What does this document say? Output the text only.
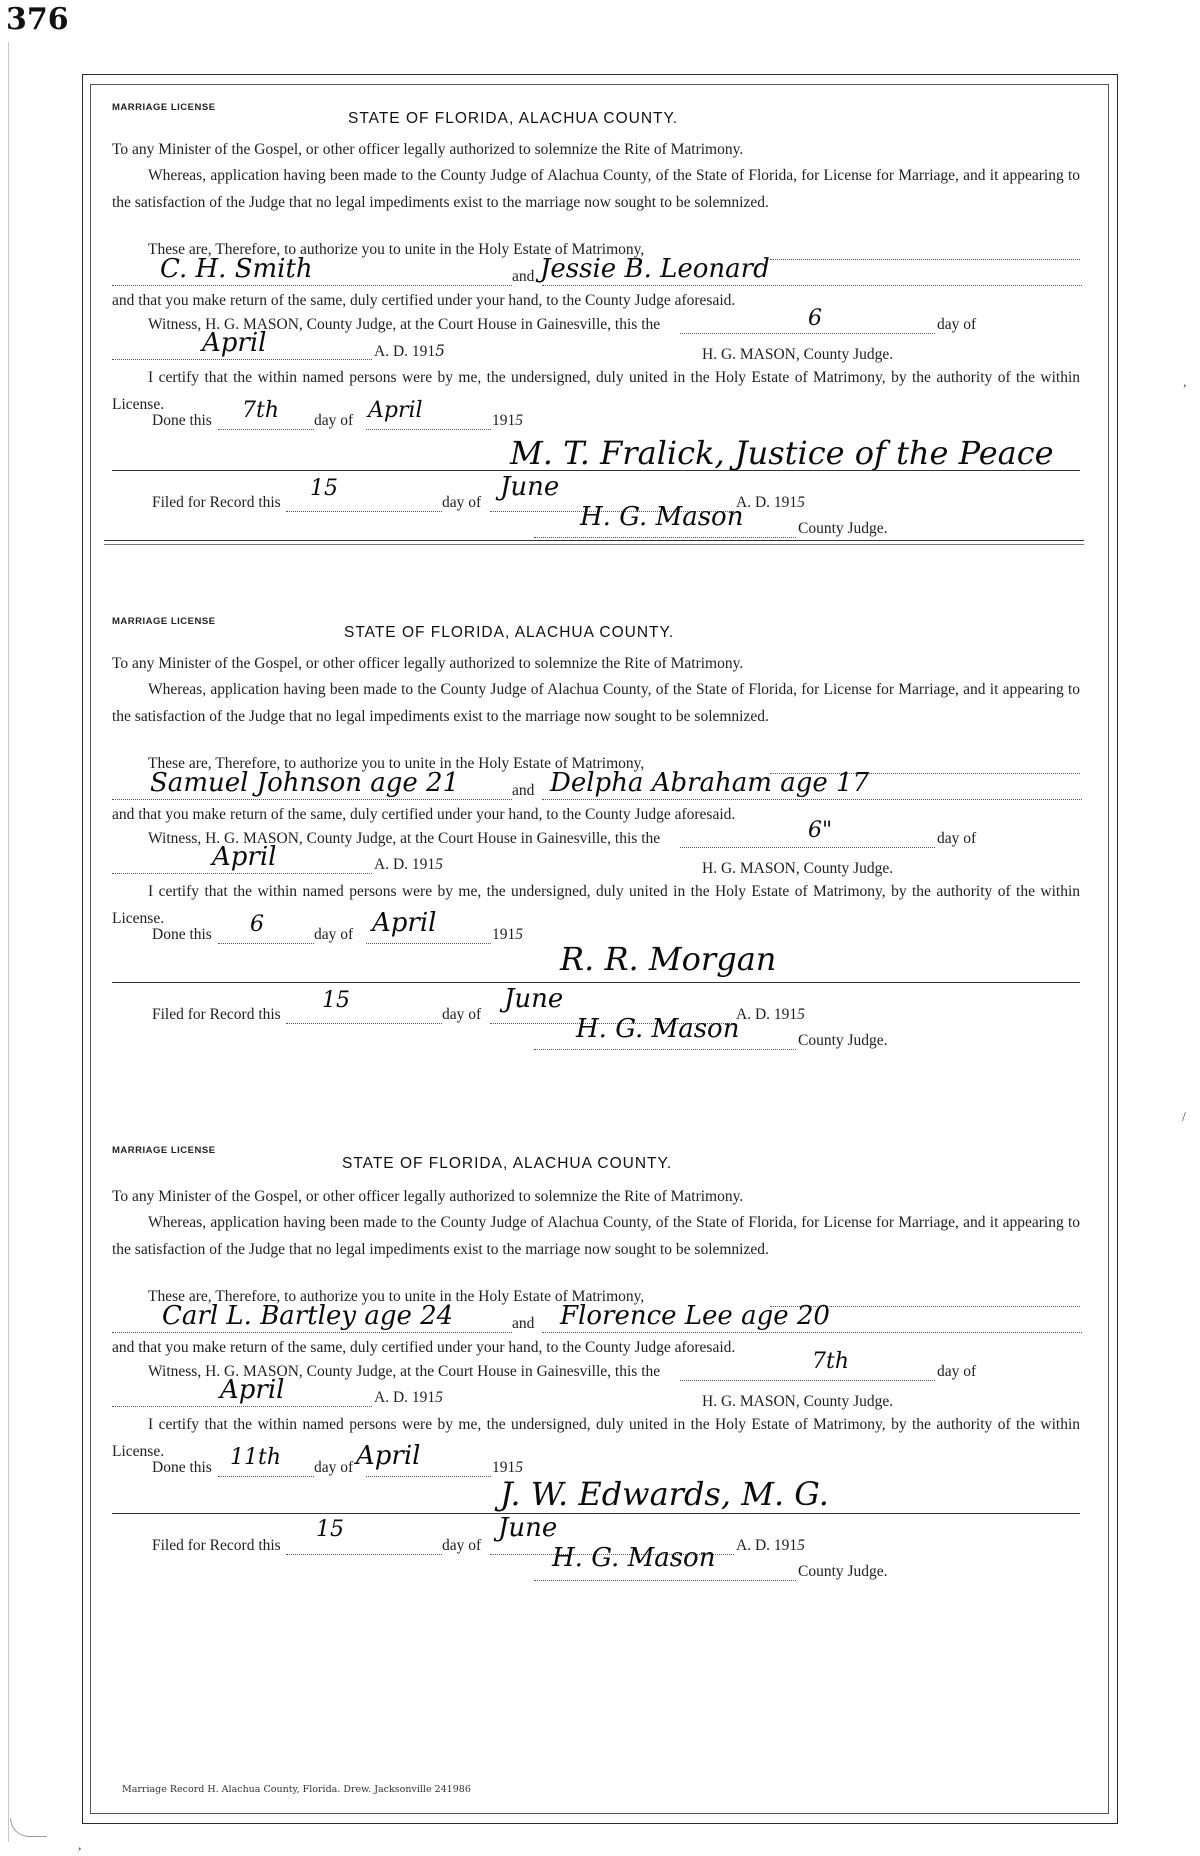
376
MARRIAGE LICENSE
STATE OF FLORIDA, ALACHUA COUNTY.
To any Minister of the Gospel, or other officer legally authorized to solemnize the Rite of Matrimony.
Whereas, application having been made to the County Judge of Alachua County, of the State of Florida, for License for Marriage, and it appearing to the satisfaction of the Judge that no legal impediments exist to the marriage now sought to be solemnized.
These are, Therefore, to authorize you to unite in the Holy Estate of Matrimony,
C. H. Smith	and Jessie B. Leonard
and that you make return of the same, duly certified under your hand, to the County Judge aforesaid.
Witness, H. G. MASON, County Judge, at the Court House in Gainesville, this the	6	day of
April	A. D. 1915	H. G. MASON, County Judge.
I certify that the within named persons were by me, the undersigned, duly united in the Holy Estate of Matrimony, by the authority of the within License.
Done this 7th day of April	1915
M. T. Fralick, Justice of the Peace
Filed for Record this
15
day of
June
A. D. 1915
H. G. Mason	County Judge.
MARRIAGE LICENSE
STATE OF FLORIDA, ALACHUA COUNTY.
To any Minister of the Gospel, or other officer legally authorized to solemnize the Rite of Matrimony.
Whereas, application having been made to the County Judge of Alachua County, of the State of Florida, for License for Marriage, and it appearing to the satisfaction of the Judge that no legal impediments exist to the marriage now sought to be solemnized.
These are, Therefore, to authorize you to unite in the Holy Estate of Matrimony,
Samuel Johnson age 21	and Delpha Abraham age 17
and that you make return of the same, duly certified under your hand, to the County Judge aforesaid.
Witness, H. G. MASON, County Judge, at the Court House in Gainesville, this the	6"	day of
April	A. D. 1915	H. G. MASON, County Judge.
I certify that the within named persons were by me, the undersigned, duly united in the Holy Estate of Matrimony, by the authority of the within License.
Done this 6	day of April	1915
R. R. Morgan
Filed for Record this
15
day of
June
A. D. 1915
H. G. Mason	County Judge.
MARRIAGE LICENSE
STATE OF FLORIDA, ALACHUA COUNTY.
To any Minister of the Gospel, or other officer legally authorized to solemnize the Rite of Matrimony.
Whereas, application having been made to the County Judge of Alachua County, of the State of Florida, for License for Marriage, and it appearing to the satisfaction of the Judge that no legal impediments exist to the marriage now sought to be solemnized.
These are, Therefore, to authorize you to unite in the Holy Estate of Matrimony,
Carl L. Bartley age 24	and Florence Lee age 20
and that you make return of the same, duly certified under your hand, to the County Judge aforesaid.
Witness, H. G. MASON, County Judge, at the Court House in Gainesville, this the	7th	day of
April	A. D. 1915	H. G. MASON, County Judge.
I certify that the within named persons were by me, the undersigned, duly united in the Holy Estate of Matrimony, by the authority of the within License.
Done this 11th day of April	1915
J. W. Edwards, M. G.
Filed for Record this
15
day of
June
A. D. 1915
H. G. Mason	County Judge.
Marriage Record H. Alachua County, Florida. Drew. Jacksonville 241986
,
/
,
